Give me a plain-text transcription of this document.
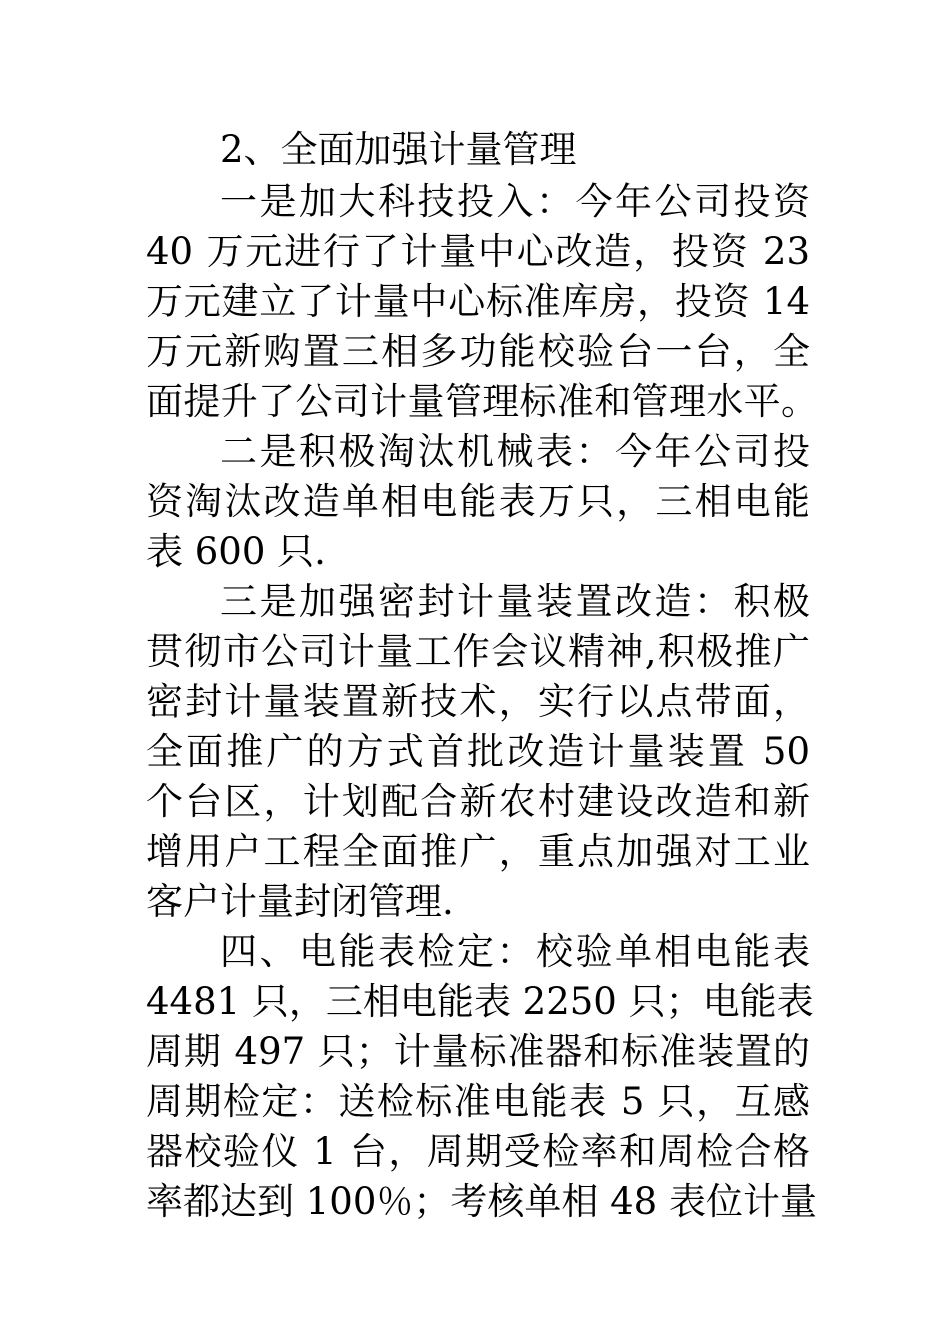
2、全面加强计量管理
一是加大科技投入：今年公司投资
40 万元进行了计量中心改造，投资 23
万元建立了计量中心标准库房，投资 14
万元新购置三相多功能校验台一台，全
面提升了公司计量管理标准和管理水平。
二是积极淘汰机械表：今年公司投
资淘汰改造单相电能表万只，三相电能
表 600 只.
三是加强密封计量装置改造：积极
贯彻市公司计量工作会议精神,积极推广
密封计量装置新技术，实行以点带面，
全面推广的方式首批改造计量装置 50
个台区，计划配合新农村建设改造和新
增用户工程全面推广，重点加强对工业
客户计量封闭管理.
四、电能表检定：校验单相电能表
4481 只，三相电能表 2250 只；电能表
周期 497 只；计量标准器和标准装置的
周期检定：送检标准电能表 5 只，互感
器校验仪 1 台，周期受检率和周检合格
率都达到 100％；考核单相 48 表位计量
